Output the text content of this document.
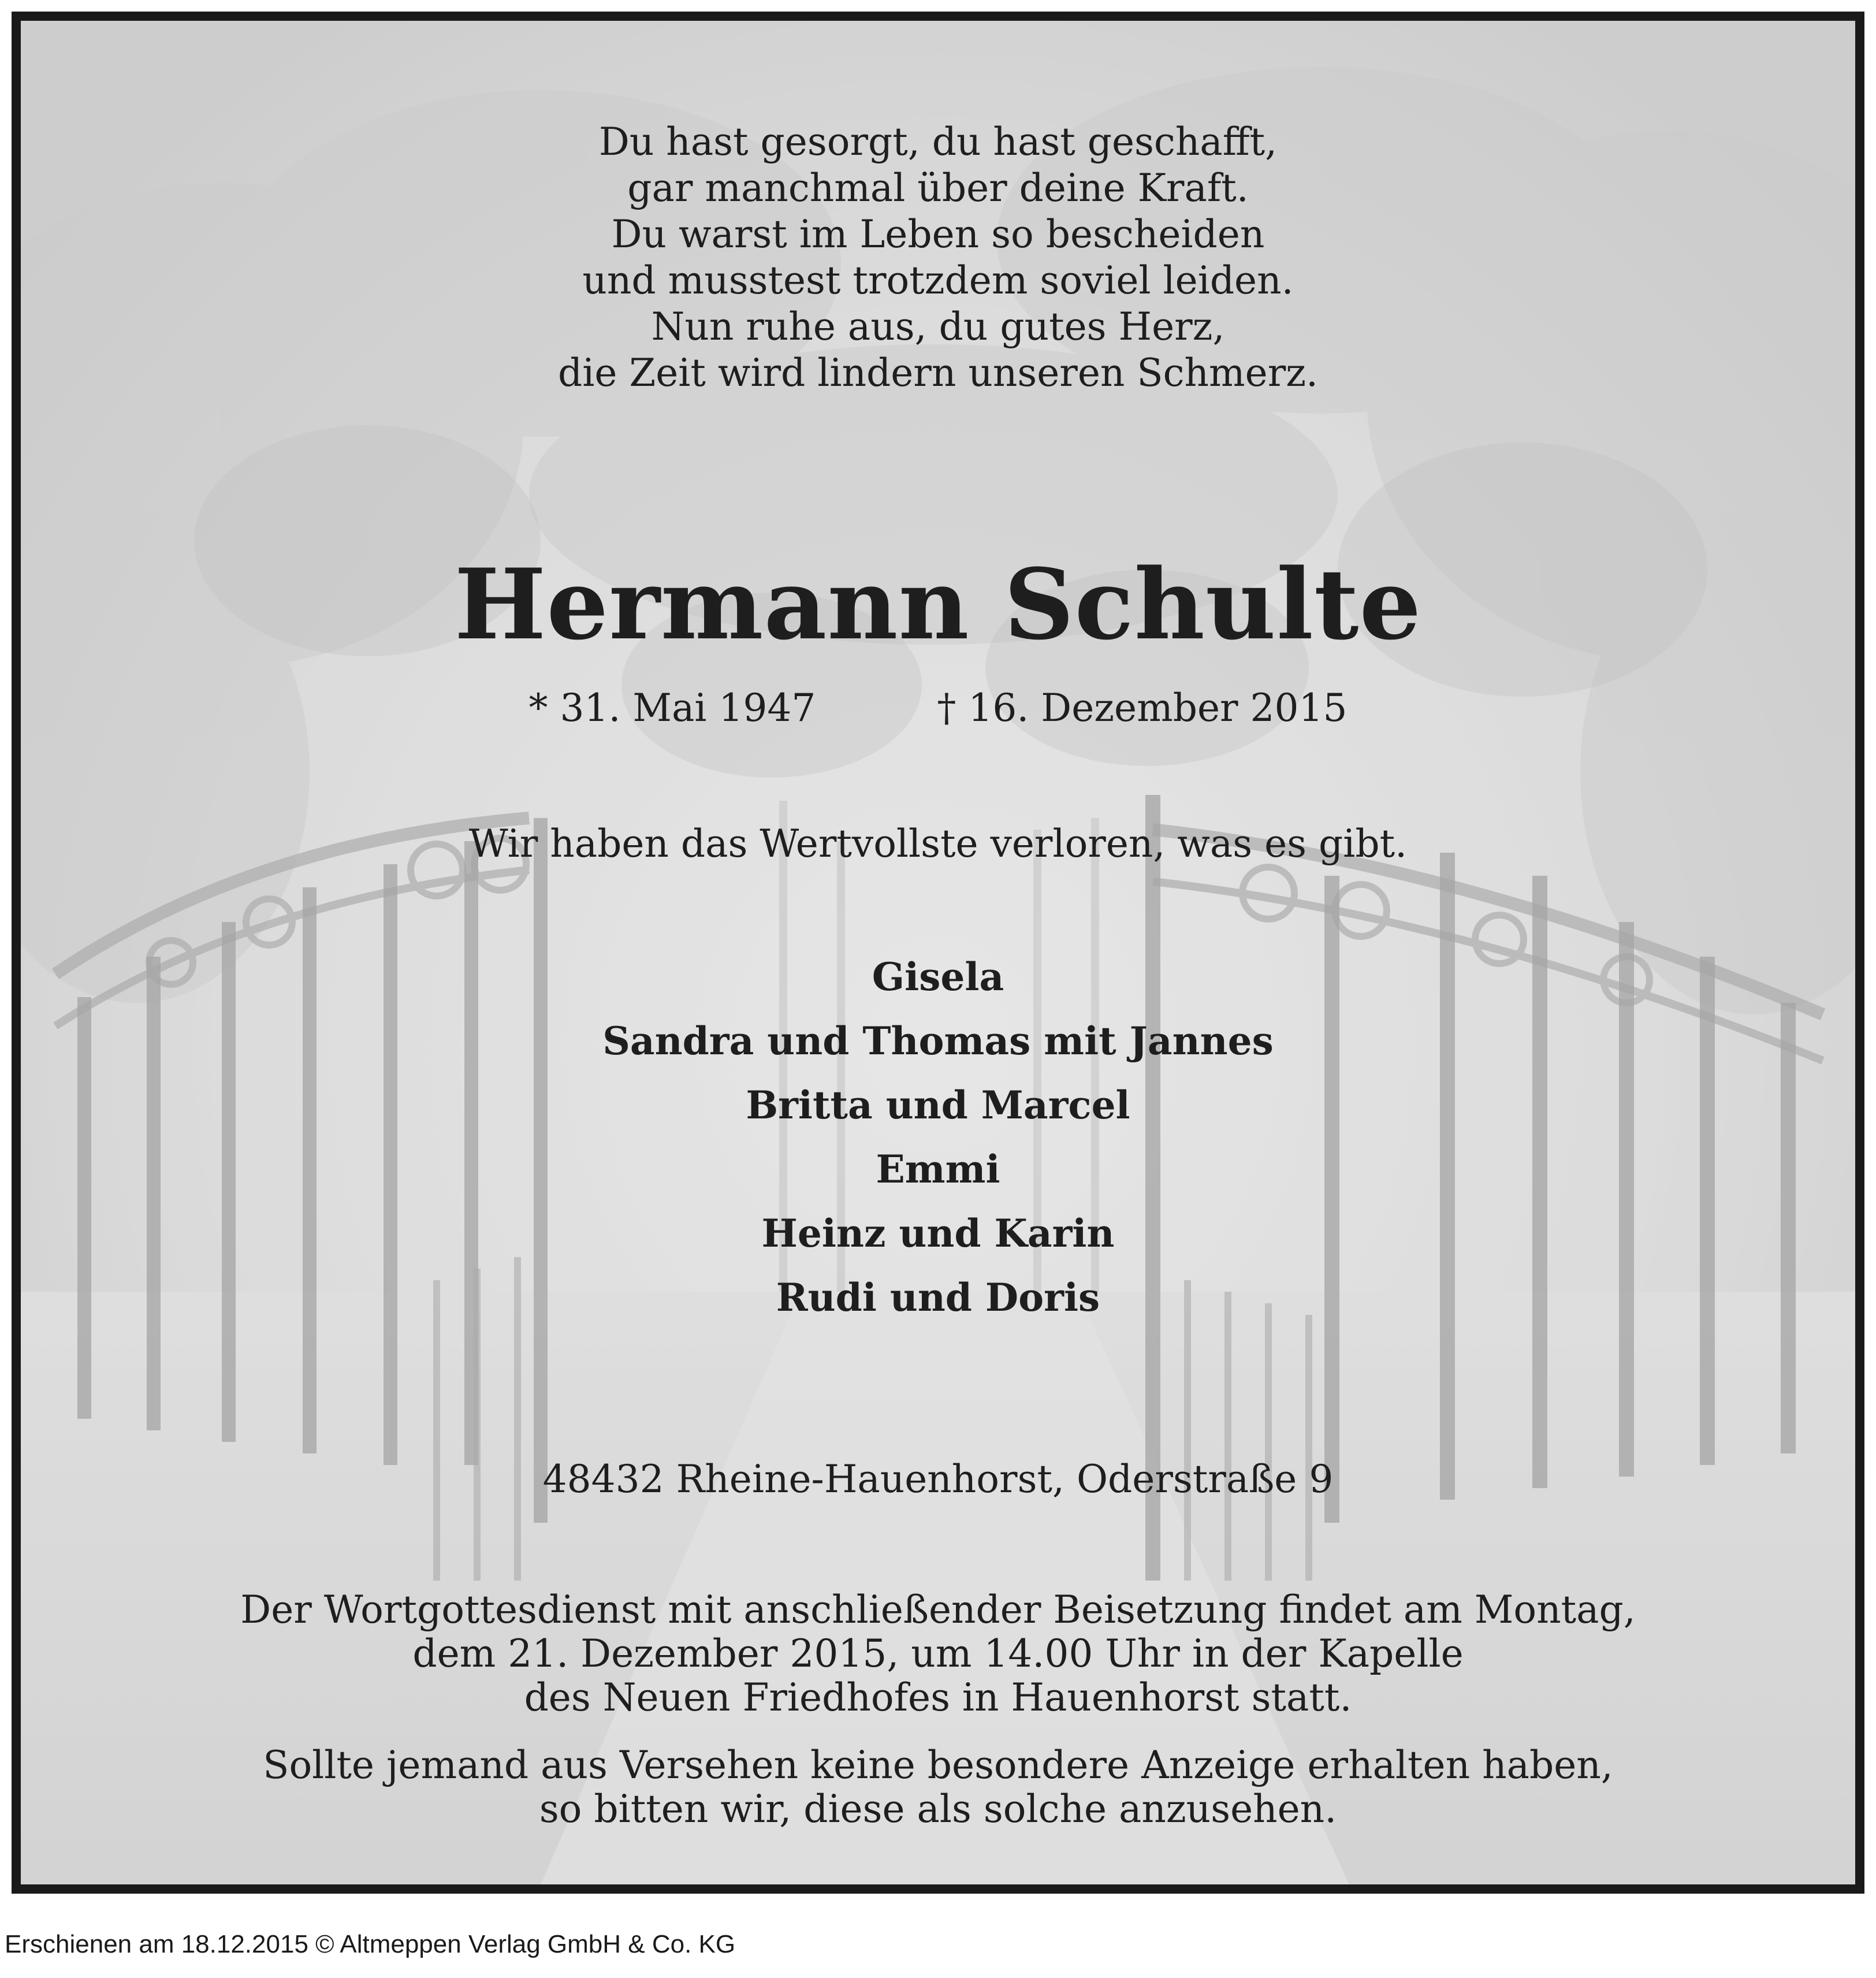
Du hast gesorgt, du hast geschafft,
gar manchmal über deine Kraft.
Du warst im Leben so bescheiden
und musstest trotzdem soviel leiden.
Nun ruhe aus, du gutes Herz,
die Zeit wird lindern unseren Schmerz.
Hermann Schulte
* 31. Mai 1947	† 16. Dezember 2015
Wir haben das Wertvollste verloren, was es gibt.
Gisela
Sandra und Thomas mit Jannes
Britta und Marcel
Emmi
Heinz und Karin
Rudi und Doris
48432 Rheine-Hauenhorst, Oderstraße 9
Der Wortgottesdienst mit anschließender Beisetzung findet am Montag,
dem 21. Dezember 2015, um 14.00 Uhr in der Kapelle
des Neuen Friedhofes in Hauenhorst statt.
Sollte jemand aus Versehen keine besondere Anzeige erhalten haben,
so bitten wir, diese als solche anzusehen.
Erschienen am 18.12.2015 © Altmeppen Verlag GmbH & Co. KG
